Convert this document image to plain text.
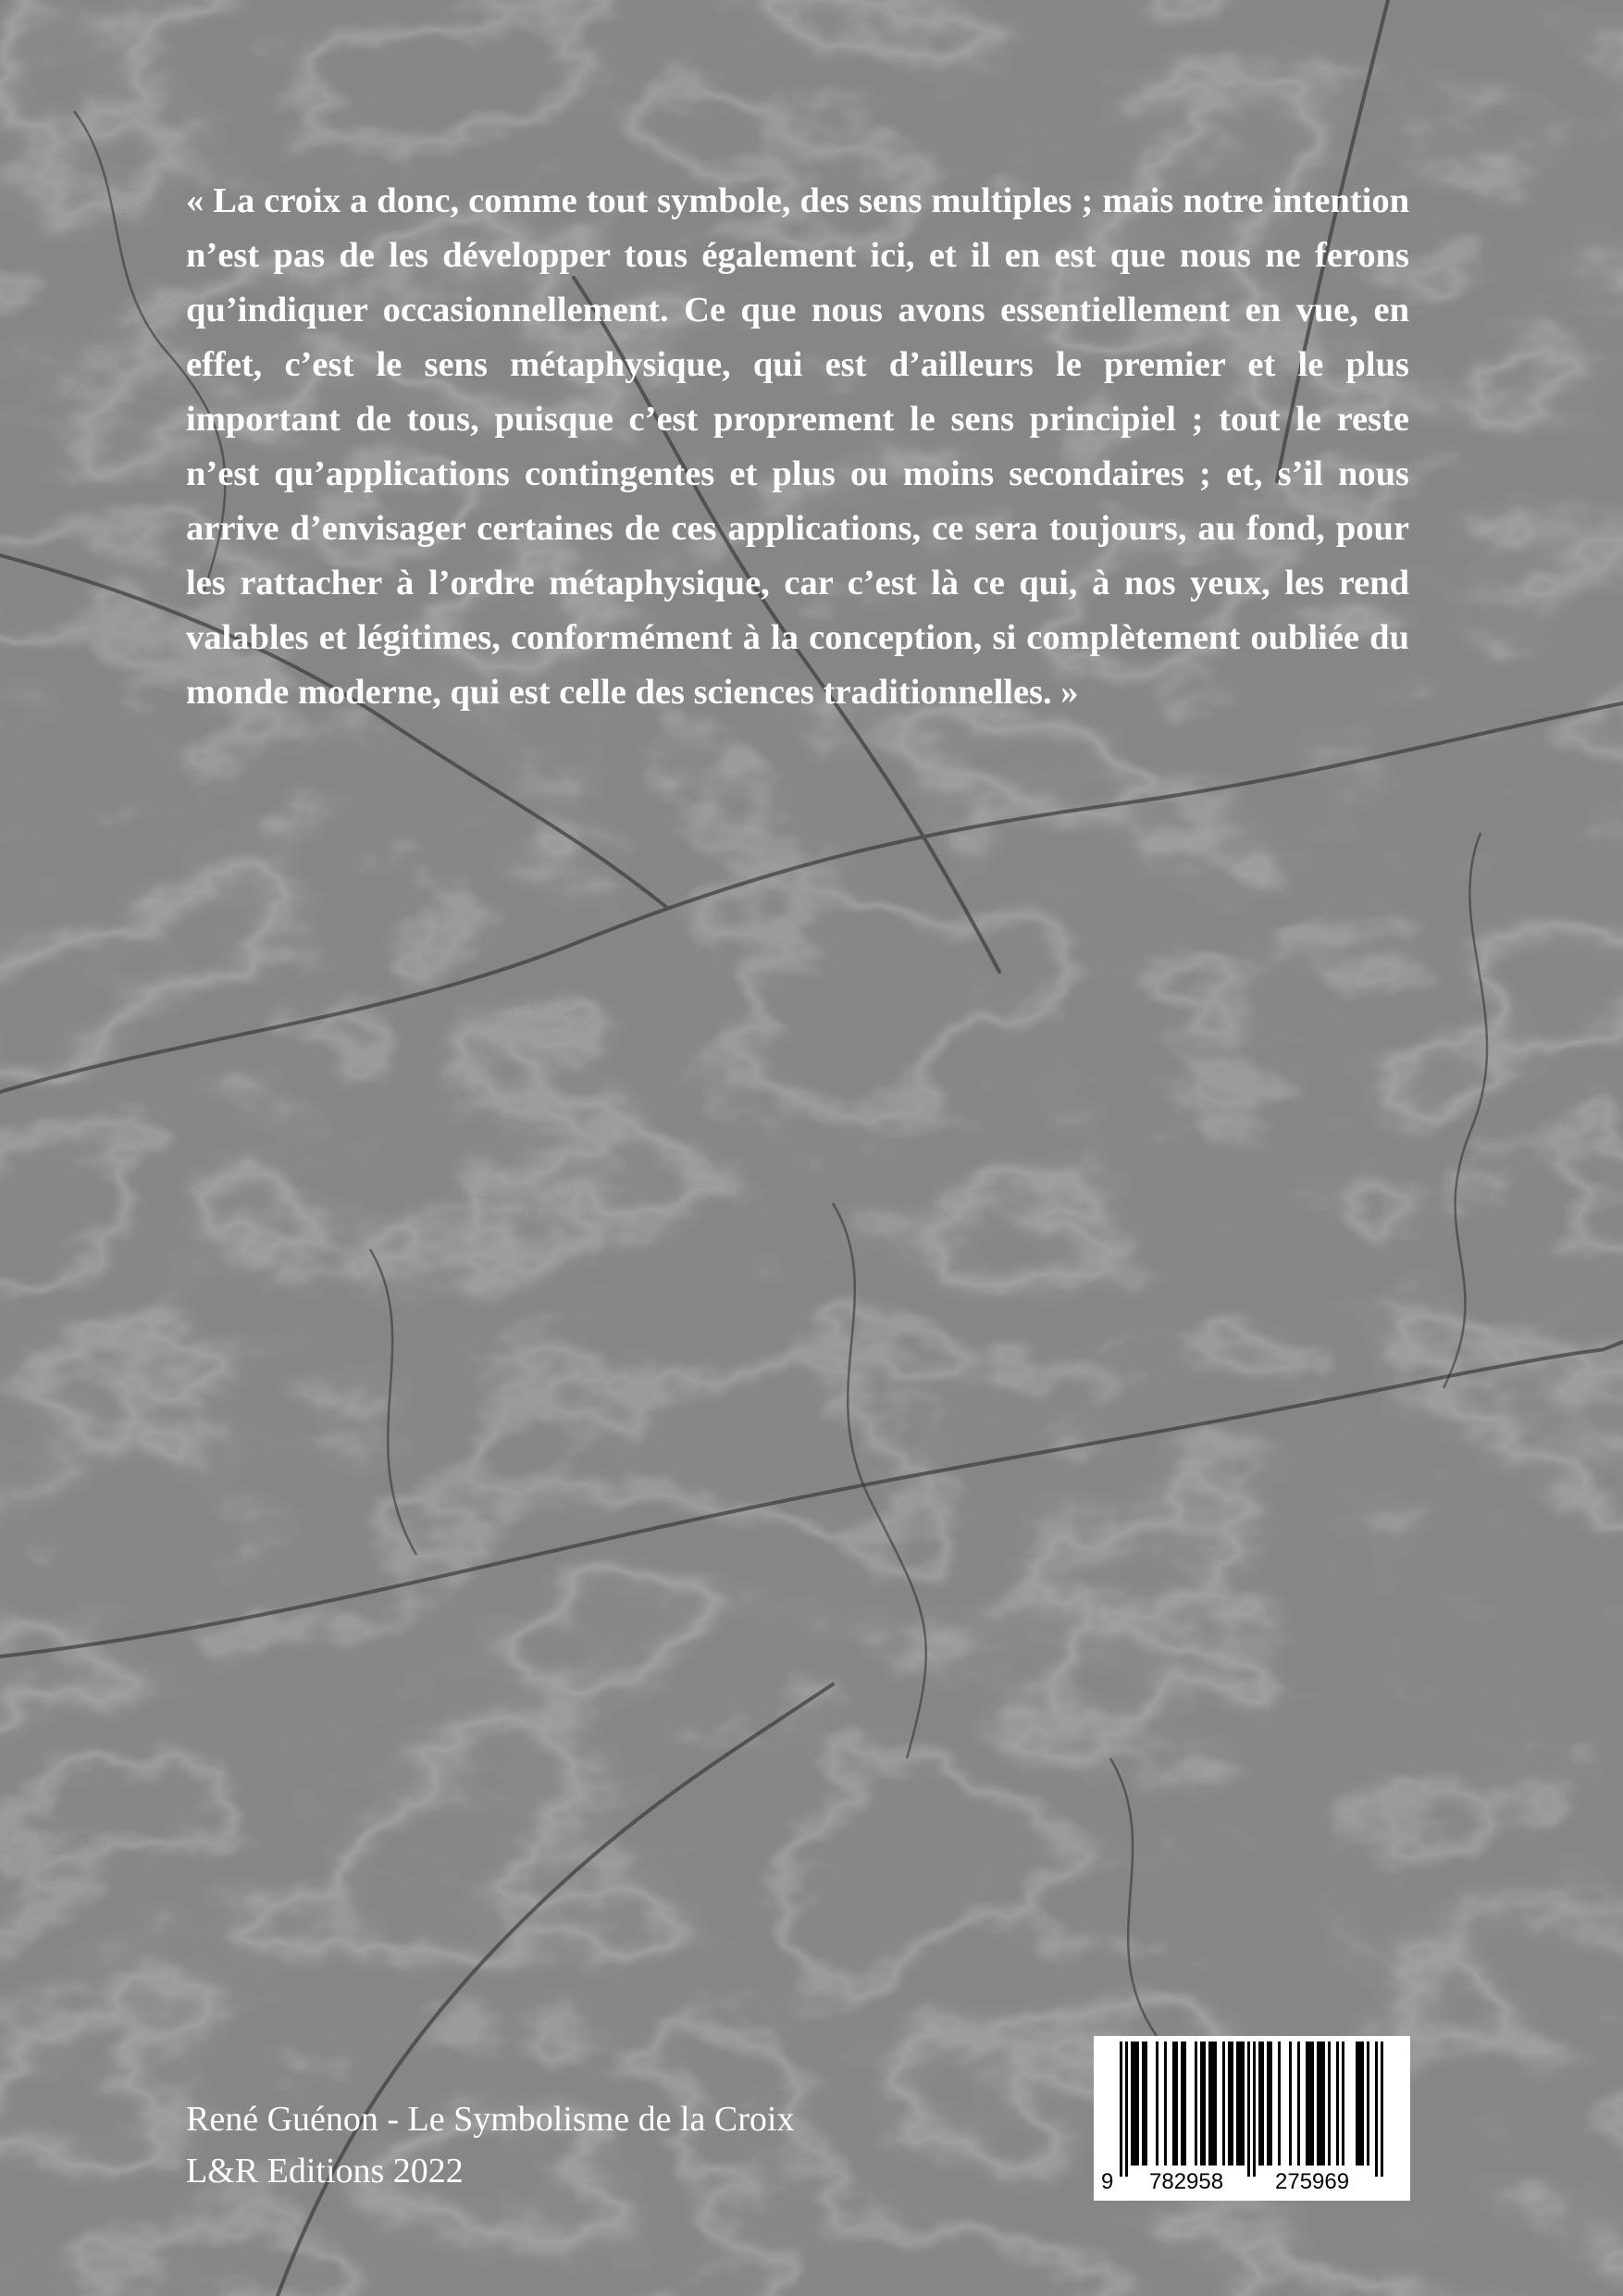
« La croix a donc, comme tout symbole, des sens multiples ; mais notre intention n’est pas de les développer tous également ici, et il en est que nous ne ferons qu’indiquer occasionnellement. Ce que nous avons essentiellement en vue, en effet, c’est le sens métaphysique, qui est d’ailleurs le premier et le plus important de tous, puisque c’est proprement le sens principiel ; tout le reste n’est qu’applications contingentes et plus ou moins secondaires ; et, s’il nous arrive d’envisager certaines de ces applications, ce sera toujours, au fond, pour les rattacher à l’ordre métaphysique, car c’est là ce qui, à nos yeux, les rend valables et légitimes, conformément à la conception, si complètement oubliée du monde moderne, qui est celle des sciences traditionnelles. »

René Guénon - Le Symbolisme de la Croix
L&R Editions 2022	9 782958 275969
